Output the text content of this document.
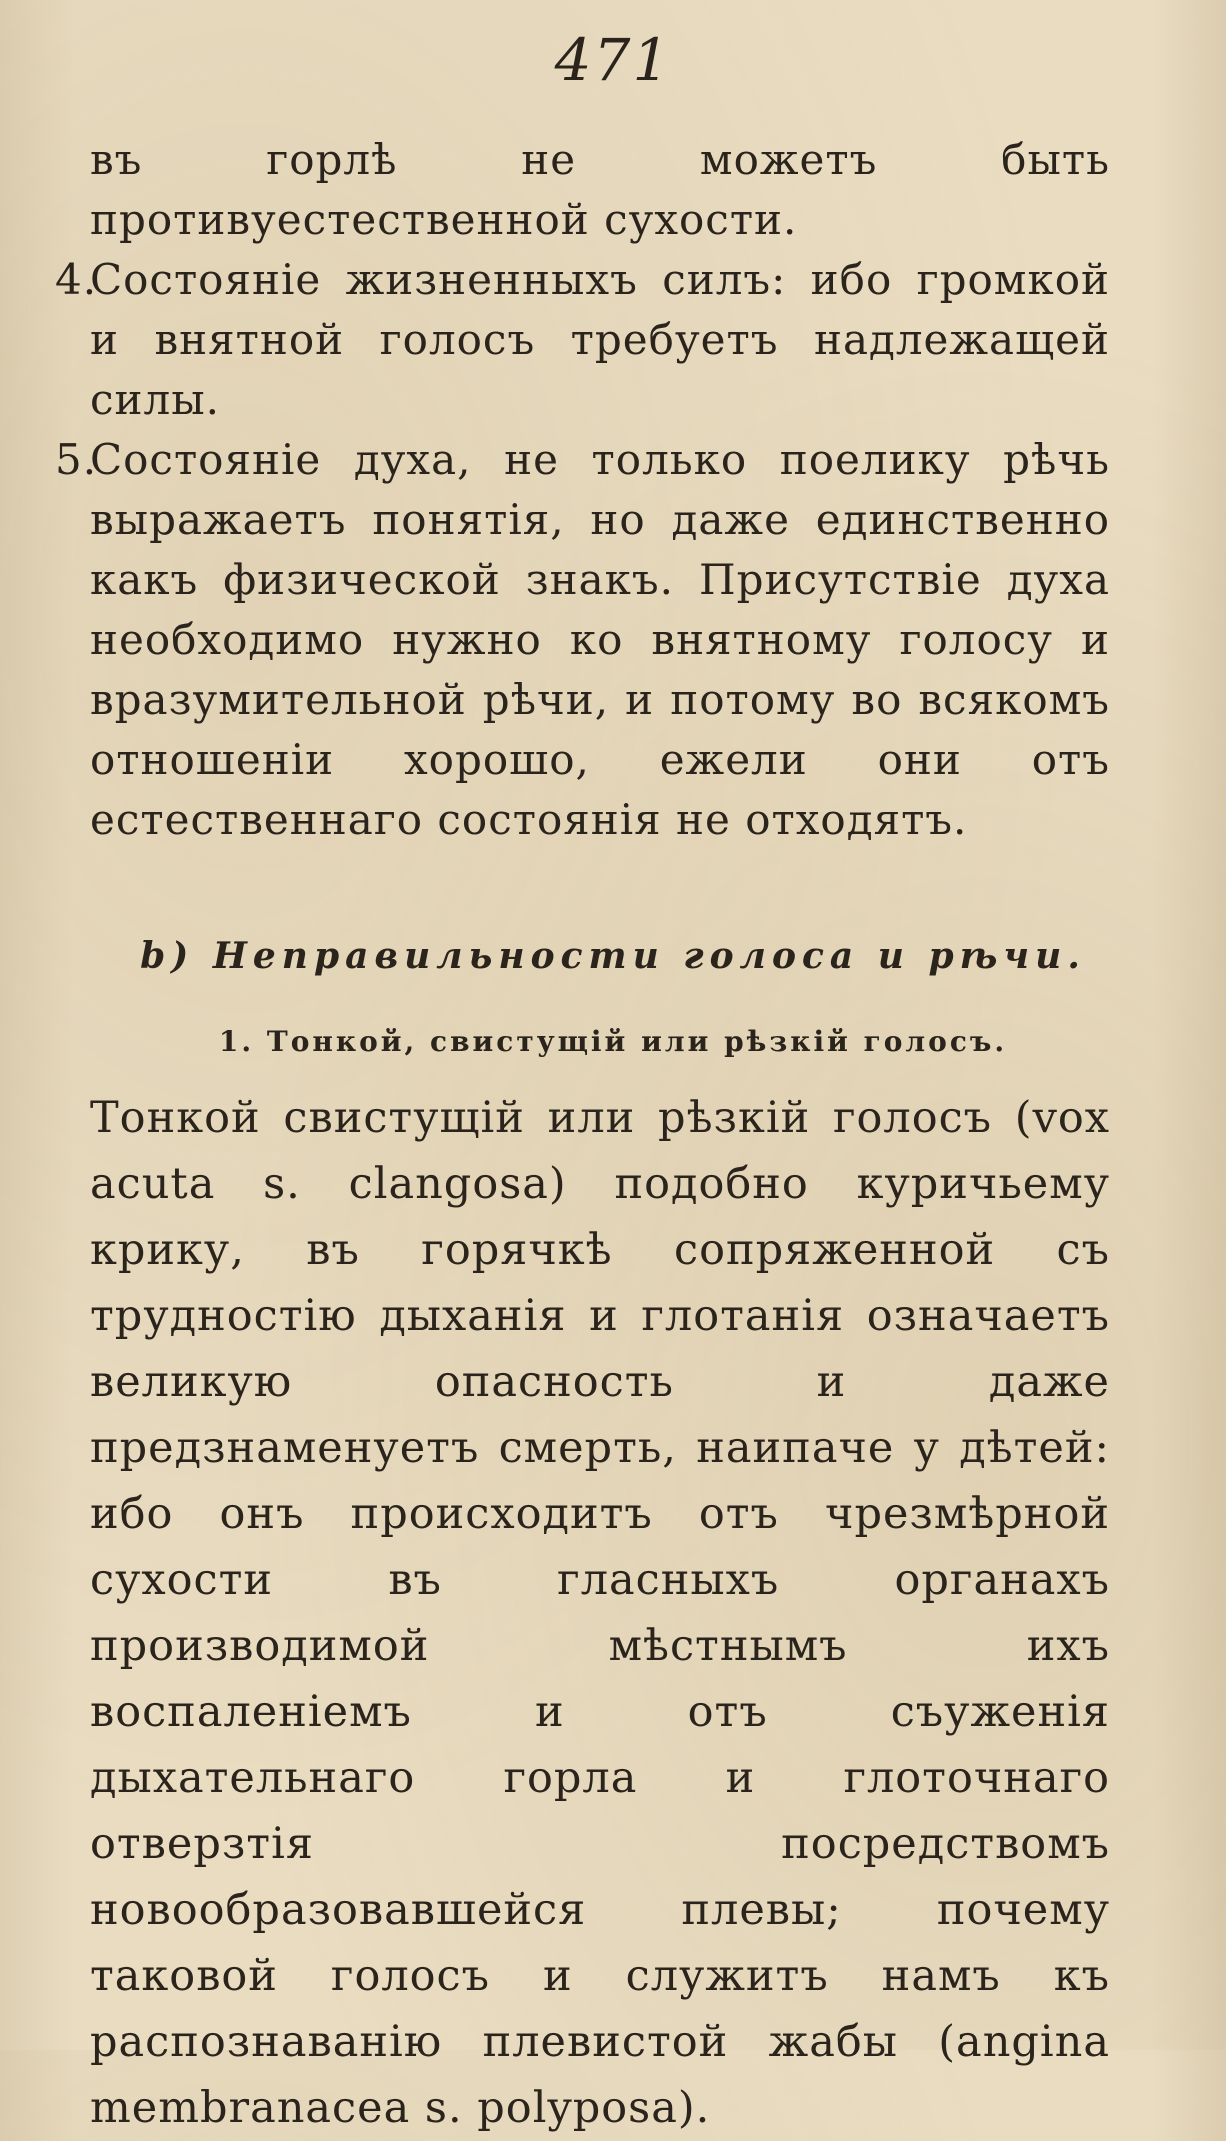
471
въ горлѣ не можетъ быть противуестественной сухости.
4.
Состояніе жизненныхъ силъ: ибо громкой и внятной голосъ требуетъ надлежащей силы.
5.
Состояніе духа, не только поелику рѣчь выражаетъ понятія, но даже единственно какъ физической знакъ. Присутствіе духа необходимо нужно ко внятному голосу и вразумительной рѣчи, и потому во всякомъ отношеніи хорошо, ежели они отъ естественнаго состоянія не отходятъ.
b) Неправильности голоса и рѣчи.
1. Тонкой, свистущій или рѣзкій голосъ.
Тонкой свистущій или рѣзкій голосъ (vox acuta s. clangosa) подобно куричьему крику, въ горячкѣ сопряженной съ трудностію дыханія и глотанія означаетъ великую опасность и даже предзнаменуетъ смерть, наипаче у дѣтей: ибо онъ происходитъ отъ чрезмѣрной сухости въ гласныхъ органахъ производимой мѣстнымъ ихъ воспаленіемъ и отъ съуженія дыхательнаго горла и глоточнаго отверзтія посредствомъ новообразовавшейся плевы; почему таковой голосъ и служитъ намъ къ распознаванію плевистой жабы (angina membranacea s. polyposa).
